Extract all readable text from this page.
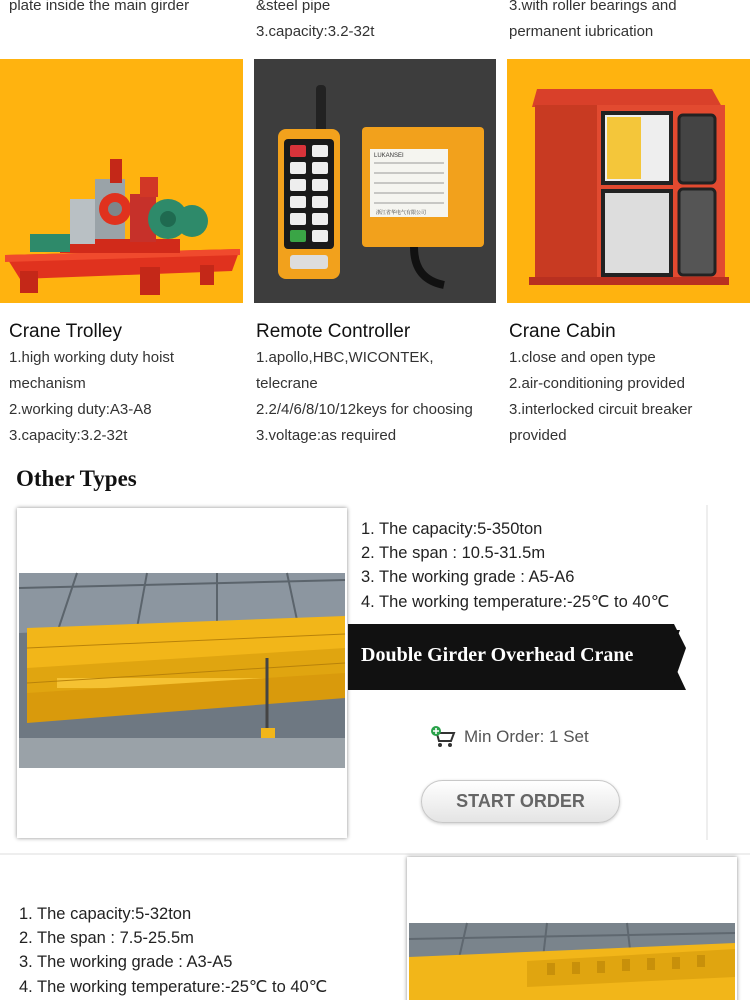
plate inside the main girder	&steel pipe
3.capacity:3.2-32t
3.with roller bearings and
permanent iubrication
LUKANSEI
浙江省华电气有限公司
Crane Trolley
1.high working duty hoist
mechanism
2.working duty:A3-A8
3.capacity:3.2-32t
Remote Controller
1.apollo,HBC,WICONTEK,
telecrane
2.2/4/6/8/10/12keys for choosing
3.voltage:as required
Crane Cabin
1.close and open type
2.air-conditioning provided
3.interlocked circuit breaker
provided
Other Types
1. The capacity:5-350ton
2. The span : 10.5-31.5m
3. The working grade : A5-A6
4. The working temperature:-25℃ to 40℃
Double Girder Overhead Crane
Min Order: 1 Set
START ORDER
1. The capacity:5-32ton
2. The span : 7.5-25.5m
3. The working grade : A3-A5
4. The working temperature:-25℃ to 40℃
